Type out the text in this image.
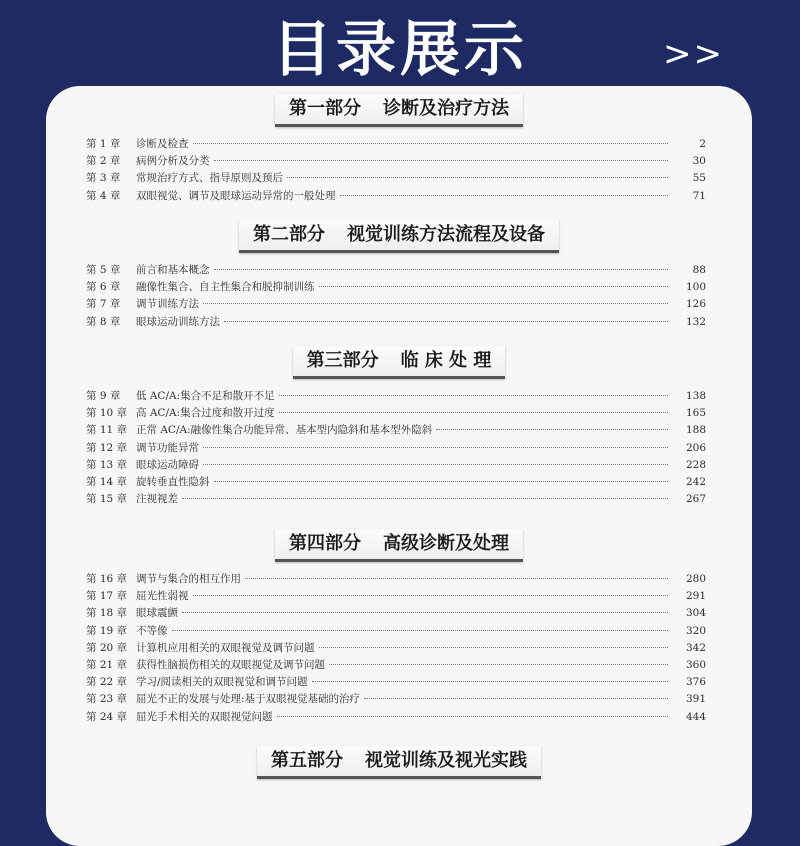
目录展示	>>
第一部分 诊断及治疗方法
第 1 章	诊断及检查	2
第 2 章	病例分析及分类	30
第 3 章	常规治疗方式、指导原则及预后	55
第 4 章	双眼视觉、调节及眼球运动异常的一般处理	71
第二部分 视觉训练方法流程及设备
第 5 章	前言和基本概念	88
第 6 章	融像性集合、自主性集合和脱抑制训练	100
第 7 章	调节训练方法	126
第 8 章	眼球运动训练方法	132
第三部分 临 床 处 理
第 9 章	低 AC/A:集合不足和散开不足	138
第 10 章 高 AC/A:集合过度和散开过度	165
第 11 章 正常 AC/A:融像性集合功能异常、基本型内隐斜和基本型外隐斜	188
第 12 章 调节功能异常	206
第 13 章 眼球运动障碍	228
第 14 章 旋转垂直性隐斜	242
第 15 章 注视视差	267
第四部分 高级诊断及处理
第 16 章 调节与集合的相互作用	280
第 17 章 屈光性弱视	291
第 18 章 眼球震颤	304
第 19 章 不等像	320
第 20 章 计算机应用相关的双眼视觉及调节问题	342
第 21 章 获得性脑损伤相关的双眼视觉及调节问题	360
第 22 章 学习/阅读相关的双眼视觉和调节问题	376
第 23 章 屈光不正的发展与处理:基于双眼视觉基础的治疗	391
第 24 章 屈光手术相关的双眼视觉问题	444
第五部分 视觉训练及视光实践
